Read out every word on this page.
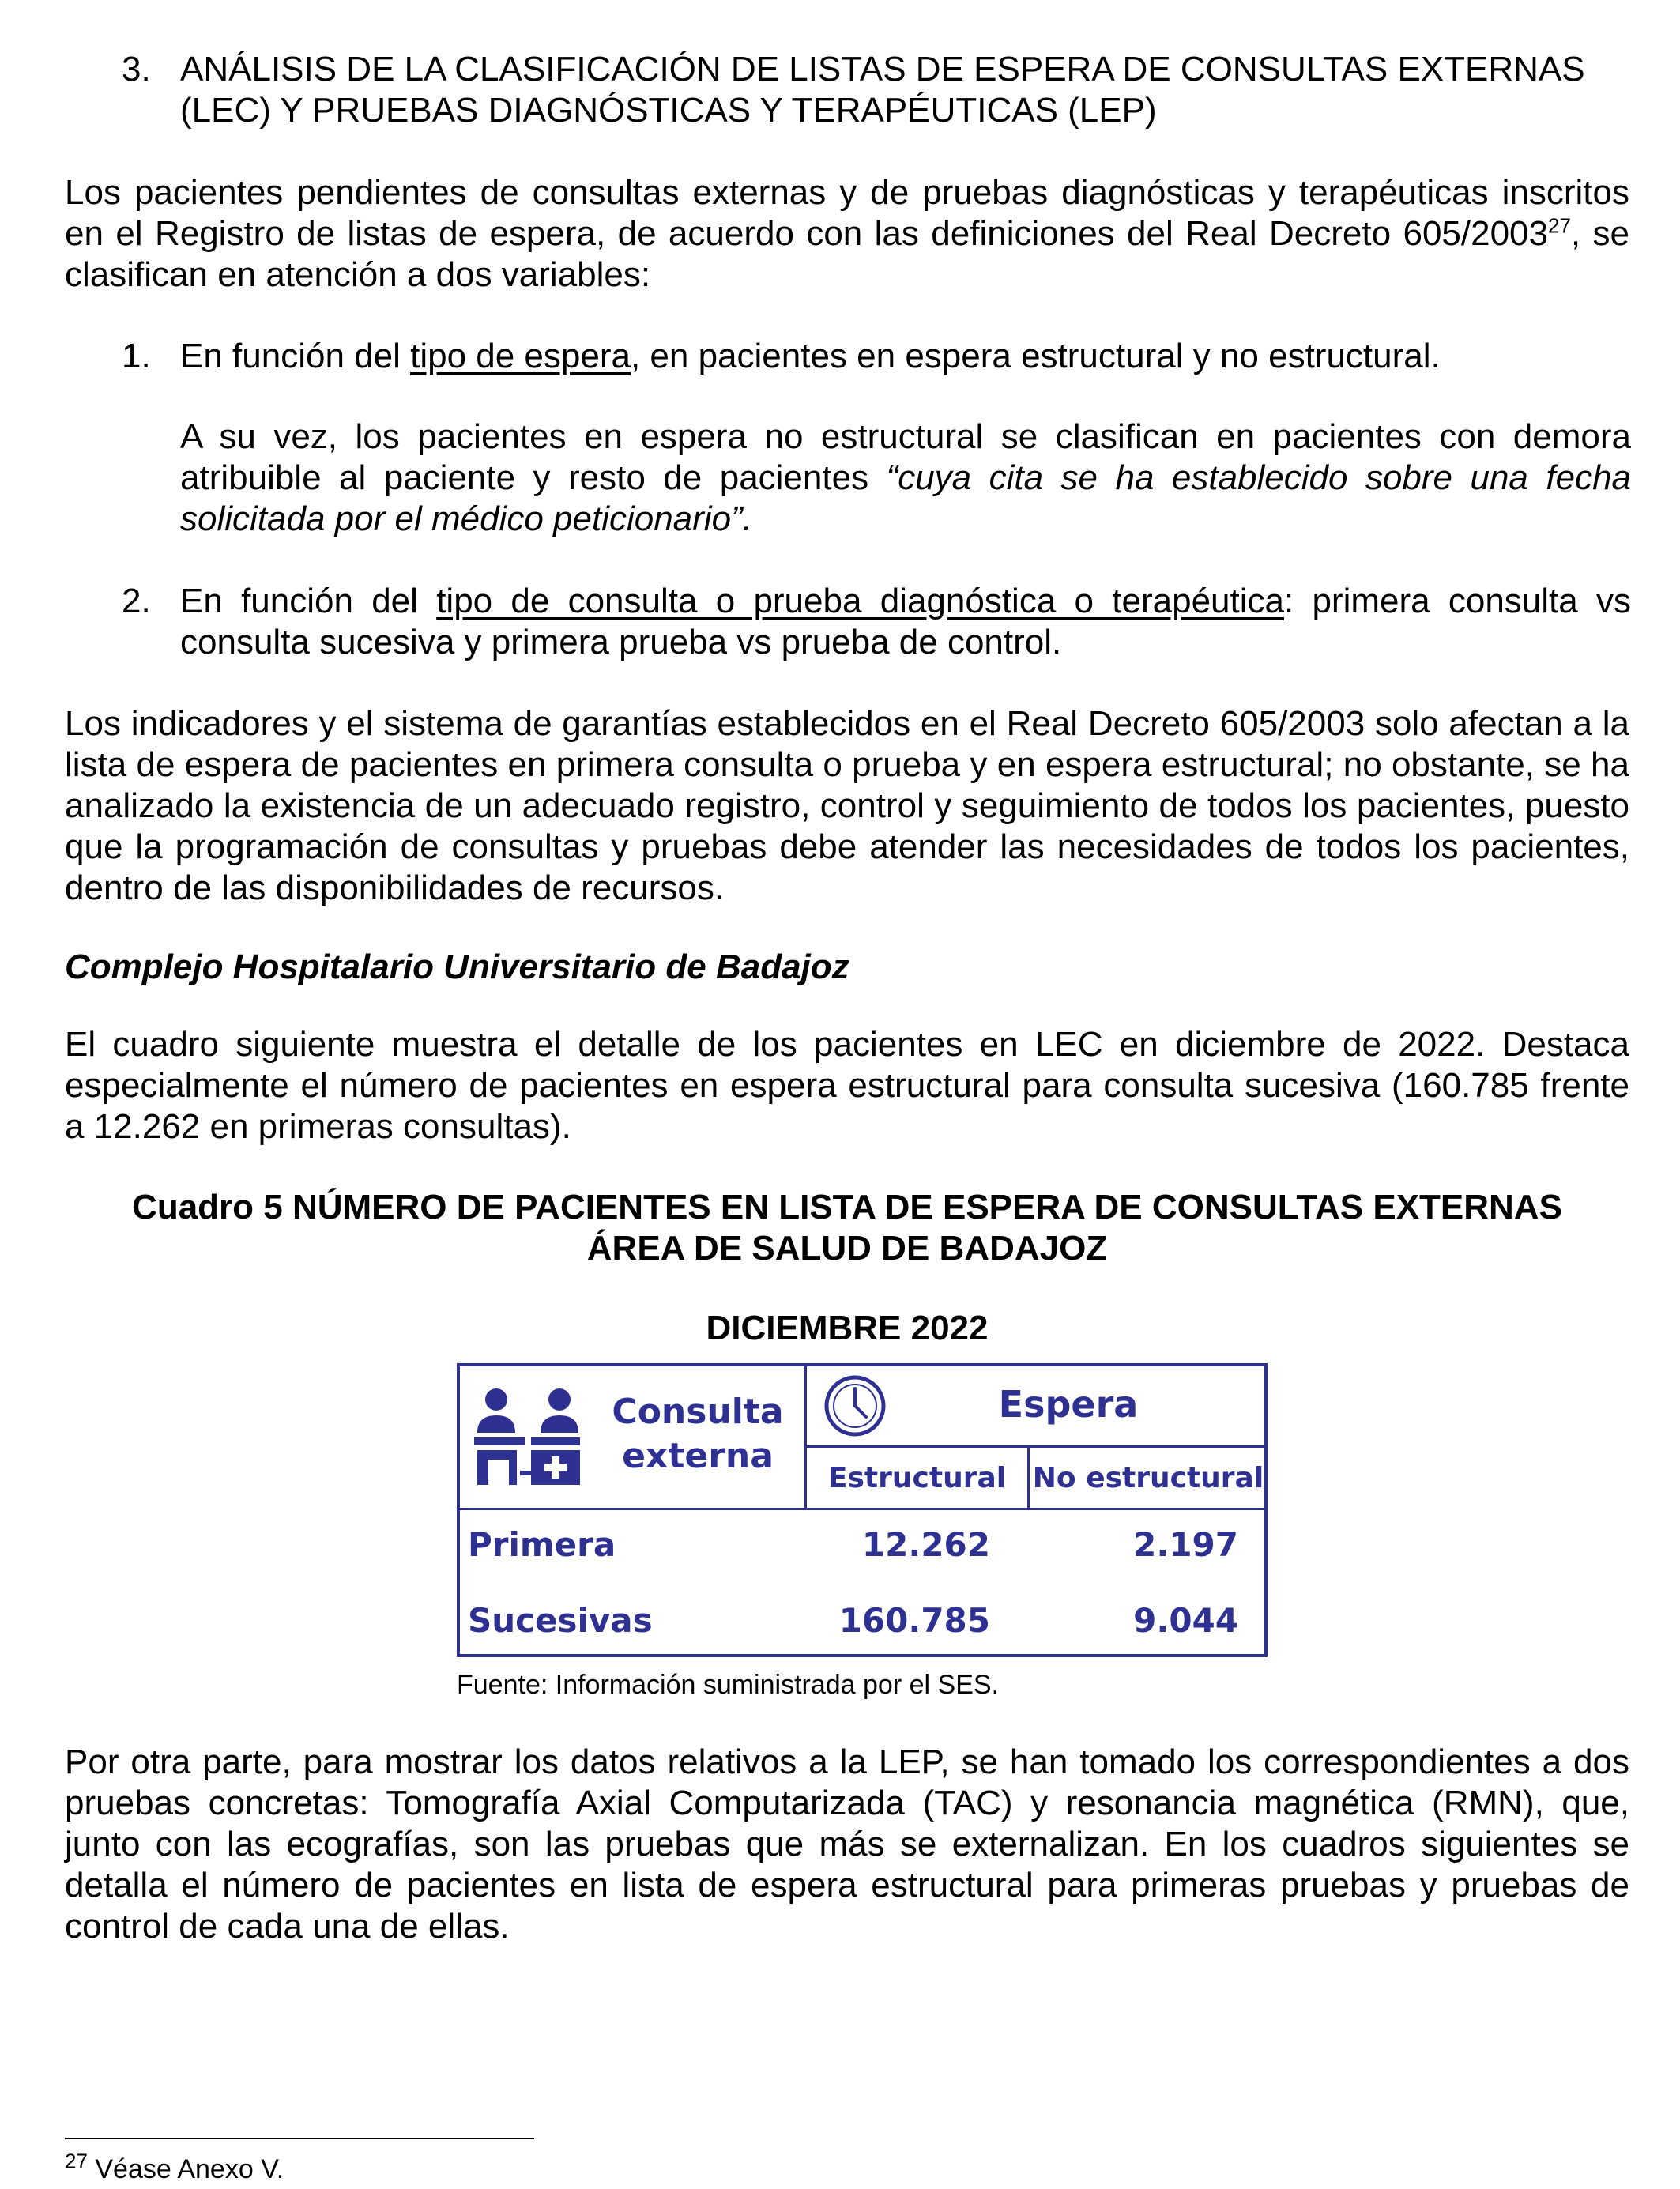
3. ANÁLISIS DE LA CLASIFICACIÓN DE LISTAS DE ESPERA DE CONSULTAS EXTERNAS (LEC) Y PRUEBAS DIAGNÓSTICAS Y TERAPÉUTICAS (LEP)

Los pacientes pendientes de consultas externas y de pruebas diagnósticas y terapéuticas inscritos en el Registro de listas de espera, de acuerdo con las definiciones del Real Decreto 605/2003$^{27}$, se clasifican en atención a dos variables:

1. En función del tipo de espera, en pacientes en espera estructural y no estructural.

A su vez, los pacientes en espera no estructural se clasifican en pacientes con demora atribuible al paciente y resto de pacientes “cuya cita se ha establecido sobre una fecha solicitada por el médico peticionario”.

2. En función del tipo de consulta o prueba diagnóstica o terapéutica: primera consulta vs consulta sucesiva y primera prueba vs prueba de control.

Los indicadores y el sistema de garantías establecidos en el Real Decreto 605/2003 solo afectan a la lista de espera de pacientes en primera consulta o prueba y en espera estructural; no obstante, se ha analizado la existencia de un adecuado registro, control y seguimiento de todos los pacientes, puesto que la programación de consultas y pruebas debe atender las necesidades de todos los pacientes, dentro de las disponibilidades de recursos.

Complejo Hospitalario Universitario de Badajoz

El cuadro siguiente muestra el detalle de los pacientes en LEC en diciembre de 2022. Destaca especialmente el número de pacientes en espera estructural para consulta sucesiva (160.785 frente a 12.262 en primeras consultas).

Cuadro 5 NÚMERO DE PACIENTES EN LISTA DE ESPERA DE CONSULTAS EXTERNAS
ÁREA DE SALUD DE BADAJOZ
DICIEMBRE 2022
Consulta
externa
Espera
Estructural No estructural
Primera	12.262	2.197
Sucesivas	160.785	9.044
Fuente: Información suministrada por el SES.

Por otra parte, para mostrar los datos relativos a la LEP, se han tomado los correspondientes a dos pruebas concretas: Tomografía Axial Computarizada (TAC) y resonancia magnética (RMN), que, junto con las ecografías, son las pruebas que más se externalizan. En los cuadros siguientes se detalla el número de pacientes en lista de espera estructural para primeras pruebas y pruebas de control de cada una de ellas.

$^{27}$ Véase Anexo V.
